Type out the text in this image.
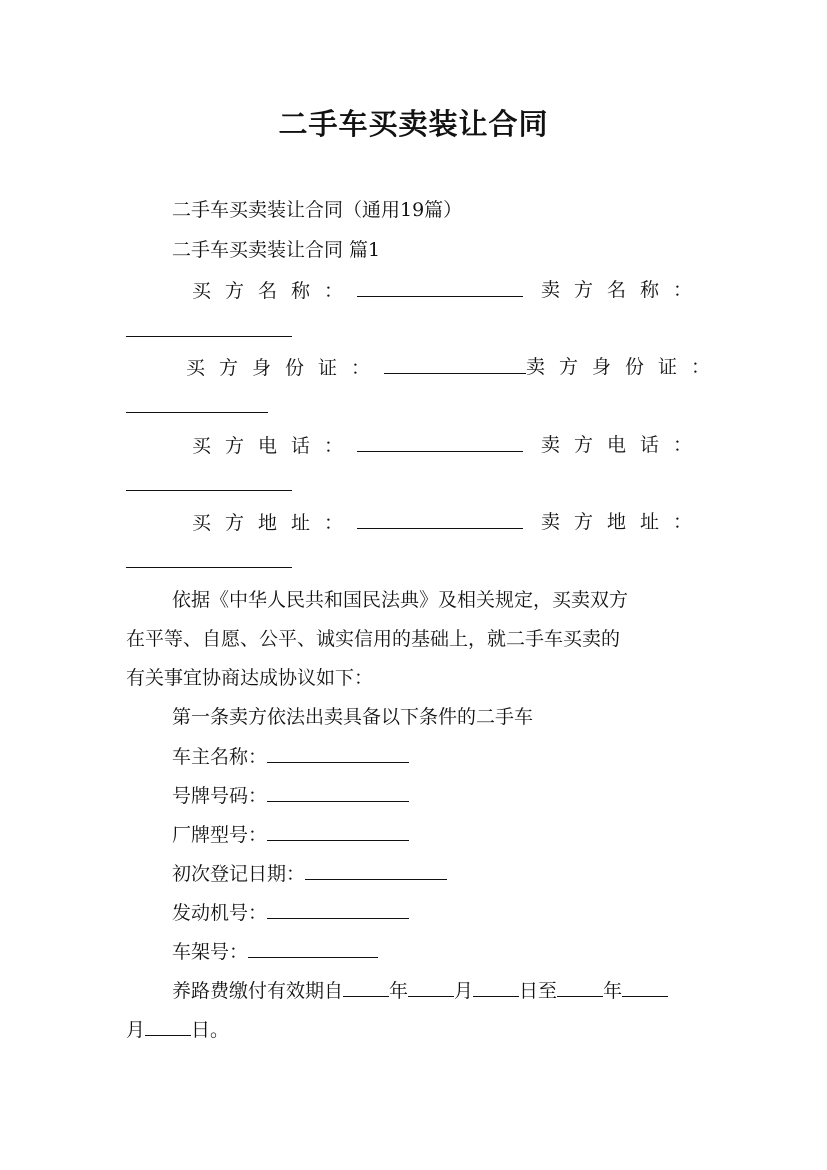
二手车买卖装让合同
二手车买卖装让合同（通用19篇）
二手车买卖装让合同 篇1
买方名称：	卖方名称：
买方身份证：	卖方身份证：
买方电话：	卖方电话：
买方地址：	卖方地址：
依据《中华人民共和国民法典》及相关规定，买卖双方
在平等、自愿、公平、诚实信用的基础上，就二手车买卖的
有关事宜协商达成协议如下：
第一条卖方依法出卖具备以下条件的二手车
车主名称：
号牌号码：
厂牌型号：
初次登记日期：
发动机号：
车架号：
养路费缴付有效期自 年 月 日至 年
月 日。
